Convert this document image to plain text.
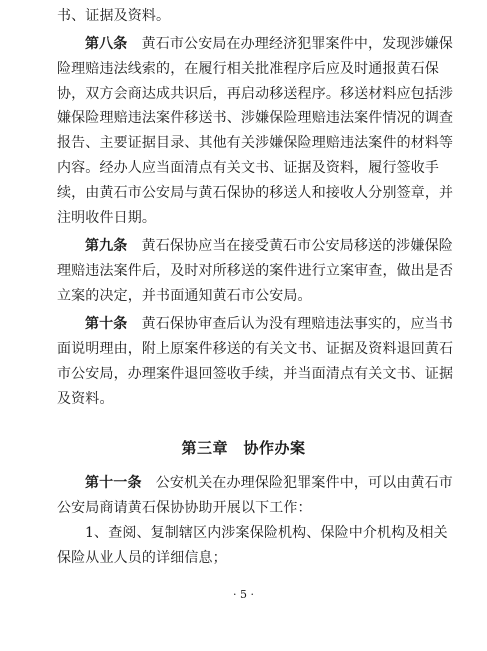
书、证据及资料。
第八条  黄石市公安局在办理经济犯罪案件中，发现涉嫌保
险理赔违法线索的，在履行相关批准程序后应及时通报黄石保
协，双方会商达成共识后，再启动移送程序。移送材料应包括涉
嫌保险理赔违法案件移送书、涉嫌保险理赔违法案件情况的调查
报告、主要证据目录、其他有关涉嫌保险理赔违法案件的材料等
内容。经办人应当面清点有关文书、证据及资料，履行签收手
续，由黄石市公安局与黄石保协的移送人和接收人分别签章，并
注明收件日期。
第九条  黄石保协应当在接受黄石市公安局移送的涉嫌保险
理赔违法案件后，及时对所移送的案件进行立案审查，做出是否
立案的决定，并书面通知黄石市公安局。
第十条  黄石保协审查后认为没有理赔违法事实的，应当书
面说明理由，附上原案件移送的有关文书、证据及资料退回黄石
市公安局，办理案件退回签收手续，并当面清点有关文书、证据
及资料。
第三章　协作办案
第十一条  公安机关在办理保险犯罪案件中，可以由黄石市
公安局商请黄石保协协助开展以下工作：
1、查阅、复制辖区内涉案保险机构、保险中介机构及相关
保险从业人员的详细信息；
· 5 ·
